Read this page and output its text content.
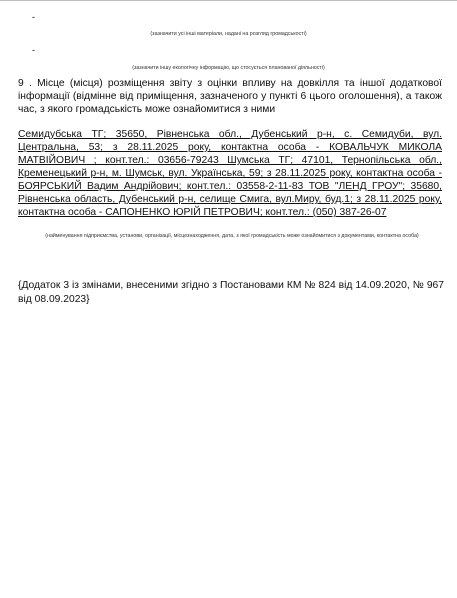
-
(зазначити усі інші матеріали, надані на розгляд громадськості)
-
(зазначити іншу екологічну інформацію, що стосується планованої діяльності)
9 . Місце (місця) розміщення звіту з оцінки впливу на довкілля та іншої додаткової інформації (відмінне від приміщення, зазначеного у пункті 6 цього оголошення), а також час, з якого громадськість може ознайомитися з ними
Семидубська ТГ; 35650, Рівненська обл., Дубенський р-н, с. Семидуби, вул. Центральна, 53; з 28.11.2025 року, контактна особа - КОВАЛЬЧУК МИКОЛА МАТВІЙОВИЧ ; конт.тел.: 03656-79243 Шумська ТГ; 47101, Тернопільська обл., Кременецький р-н, м. Шумськ, вул. Українська, 59; з 28.11.2025 року, контактна особа - БОЯРСЬКИЙ Вадим Андрійович; конт.тел.: 03558-2-11-83 ТОВ "ЛЕНД ГРОУ"; 35680, Рівненська область, Дубенський р-н, селище Смига, вул.Миру, буд.1; з 28.11.2025 року, контактна особа - САПОНЕНКО ЮРІЙ ПЕТРОВИЧ; конт.тел.: (050) 387-26-07
(найменування підприємства, установи, організації, місцезнаходження, дата, з якої громадськість може ознайомитися з документами, контактна особа)
{Додаток 3 із змінами, внесеними згідно з Постановами КМ № 824 від 14.09.2020, № 967 від 08.09.2023}
